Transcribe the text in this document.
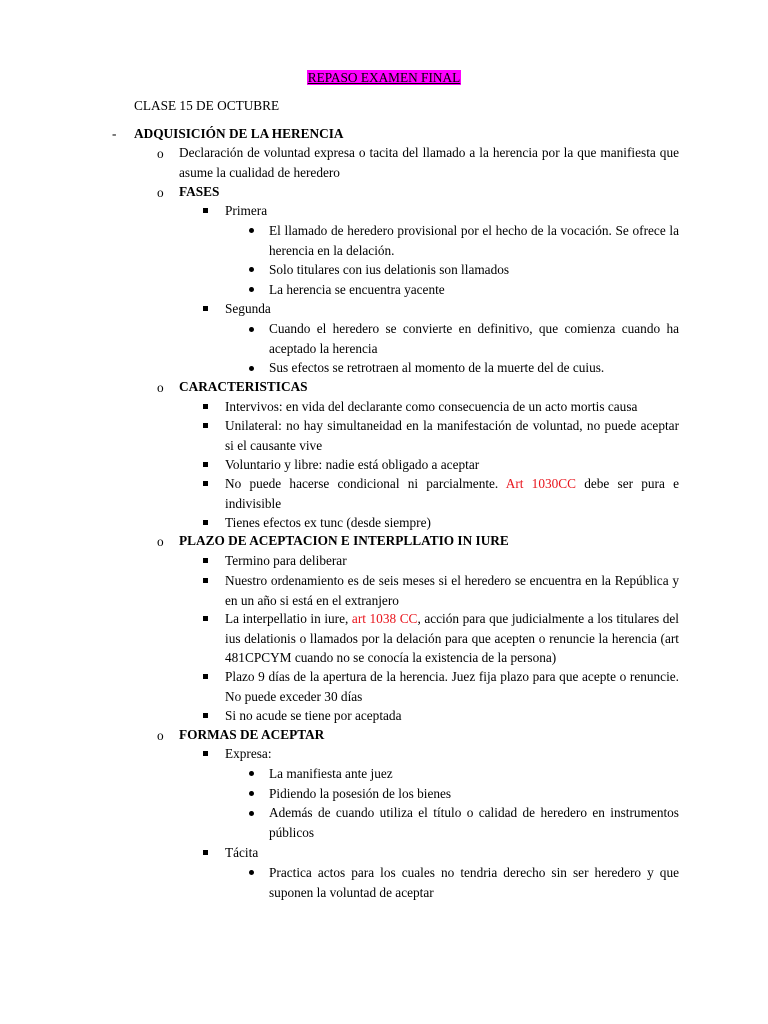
REPASO EXAMEN FINAL
CLASE 15 DE OCTUBRE
- ADQUISICIÓN DE LA HERENCIA
o Declaración de voluntad expresa o tacita del llamado a la herencia por la que manifiesta que asume la cualidad de heredero
o FASES
Primera
El llamado de heredero provisional por el hecho de la vocación. Se ofrece la herencia en la delación.
Solo titulares con ius delationis son llamados
La herencia se encuentra yacente
Segunda
Cuando el heredero se convierte en definitivo, que comienza cuando ha aceptado la herencia
Sus efectos se retrotraen al momento de la muerte del de cuius.
o CARACTERISTICAS
Intervivos: en vida del declarante como consecuencia de un acto mortis causa
Unilateral: no hay simultaneidad en la manifestación de voluntad, no puede aceptar si el causante vive
Voluntario y libre: nadie está obligado a aceptar
No puede hacerse condicional ni parcialmente. Art 1030CC debe ser pura e indivisible
Tienes efectos ex tunc (desde siempre)
o PLAZO DE ACEPTACION E INTERPLLATIO IN IURE
Termino para deliberar
Nuestro ordenamiento es de seis meses si el heredero se encuentra en la República y en un año si está en el extranjero
La interpellatio in iure, art 1038 CC, acción para que judicialmente a los titulares del ius delationis o llamados por la delación para que acepten o renuncie la herencia (art 481CPCYM cuando no se conocía la existencia de la persona)
Plazo 9 días de la apertura de la herencia. Juez fija plazo para que acepte o renuncie. No puede exceder 30 días
Si no acude se tiene por aceptada
o FORMAS DE ACEPTAR
Expresa:
La manifiesta ante juez
Pidiendo la posesión de los bienes
Además de cuando utiliza el título o calidad de heredero en instrumentos públicos
Tácita
Practica actos para los cuales no tendria derecho sin ser heredero y que suponen la voluntad de aceptar
